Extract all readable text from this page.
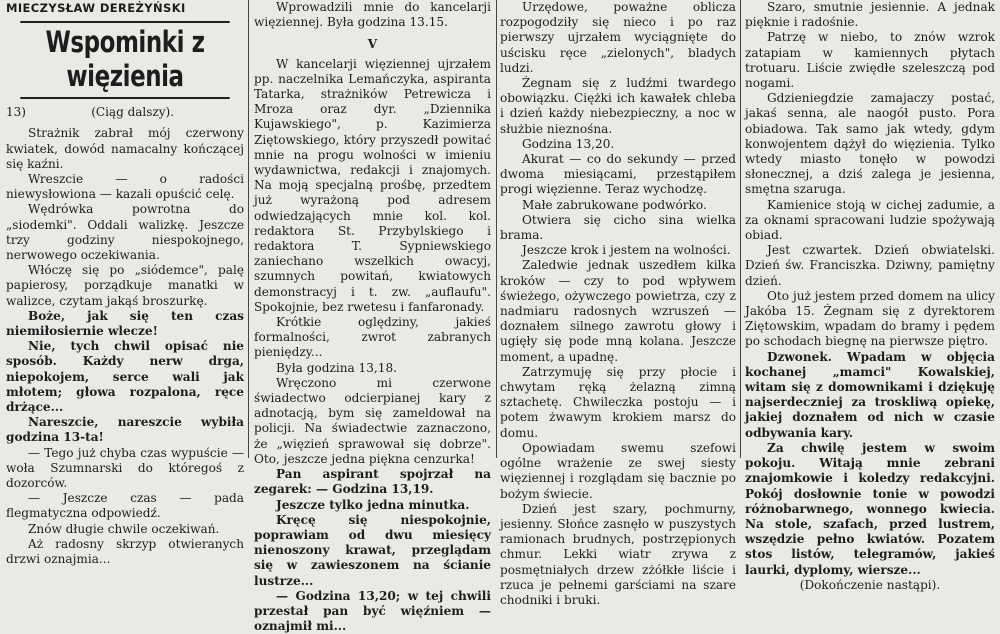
MIECZYSŁAW DEREŻYŃSKI
Wspominki z więzienia
13)	(Ciąg dalszy).

Strażnik zabrał mój czerwony kwiatek, dowód namacalny kończącej się kaźni.

Wreszcie — o radości niewysłowiona — kazali opuścić celę.

Wędrówka powrotna do „siodemki". Oddali walizkę. Jeszcze trzy godziny niespokojnego, nerwowego oczekiwania.

Włóczę się po „siódemce", palę papierosy, porządkuje manatki w walizce, czytam jakąś broszurkę.

Boże, jak się ten czas niemiłosiernie wlecze!

Nie, tych chwil opisać nie sposób. Każdy nerw drga, niepokojem, serce wali jak młotem; głowa rozpalona, ręce drżące...

Nareszcie, nareszcie wybiła godzina 13-ta!

— Tego już chyba czas wypuście — woła Szumnarski do któregoś z dozorców.

— Jeszcze czas — pada flegmatyczna odpowiedź.

Znów długie chwile oczekiwań.

Aż radosny skrzyp otwieranych drzwi oznajmia...

Wprowadzili mnie do kancelarji więziennej. Była godzina 13.15.

V

W kancelarji więziennej ujrzałem pp. naczelnika Lemańczyka, aspiranta Tatarka, strażników Petrewicza i Mroza oraz dyr. „Dziennika Kujawskiego", p. Kazimierza Ziętowskiego, który przyszedł powitać mnie na progu wolności w imieniu wydawnictwa, redakcji i znajomych. Na moją specjalną prośbę, przedtem już wyrażoną pod adresem odwiedzających mnie kol. kol. redaktora St. Przybylskiego i redaktora T. Sypniewskiego zaniechano wszelkich owacyj, szumnych powitań, kwiatowych demonstracyj i t. zw. „auflaufu". Spokojnie, bez rwetesu i fanfaronady.

Krótkie oględziny, jakieś formalności, zwrot zabranych pieniędzy...

Była godzina 13,18.

Wręczono mi czerwone świadectwo odcierpianej kary z adnotacją, bym się zameldował na policji. Na świadectwie zaznaczono, że „więzień sprawował się dobrze". Oto, jeszcze jedna piękna cenzurka!

Pan aspirant spojrzał na zegarek: — Godzina 13,19.

Jeszcze tylko jedna minutka.

Kręcę się niespokojnie, poprawiam od dwu miesięcy nienoszony krawat, przeglądam się w zawieszonem na ścianie lustrze...

— Godzina 13,20; w tej chwili przestał pan być więźniem — oznajmił mi...

Urzędowe, poważne oblicza rozpogodziły się nieco i po raz pierwszy ujrzałem wyciągnięte do uścisku ręce „zielonych", bladych ludzi.

Żegnam się z ludźmi twardego obowiązku. Ciężki ich kawałek chleba i dzień każdy niebezpieczny, a noc w służbie nieznośna.

Godzina 13,20.

Akurat — co do sekundy — przed dwoma miesiącami, przestąpiłem progi więzienne. Teraz wychodzę.

Małe zabrukowane podwórko.

Otwiera się cicho sina wielka brama.

Jeszcze krok i jestem na wolności.

Zaledwie jednak uszedłem kilka kroków — czy to pod wpływem świeżego, ożywczego powietrza, czy z nadmiaru radosnych wzruszeń — doznałem silnego zawrotu głowy i ugięły się pode mną kolana. Jeszcze moment, a upadnę.

Zatrzymuję się przy płocie i chwytam ręką żelazną zimną sztachetę. Chwileczka postoju — i potem żwawym krokiem marsz do domu.

Opowiadam swemu szefowi ogólne wrażenie ze swej siesty więziennej i rozglądam się bacznie po bożym świecie.

Dzień jest szary, pochmurny, jesienny. Słońce zasnęło w puszystych ramionach brudnych, postrzępionych chmur. Lekki wiatr zrywa z posmętniałych drzew zżółkłe liście i rzuca je pełnemi garściami na szare chodniki i bruki.

Szaro, smutnie jesiennie. A jednak pięknie i radośnie.

Patrzę w niebo, to znów wzrok zatapiam w kamiennych płytach trotuaru. Liście zwiędłe szeleszczą pod nogami.

Gdzieniegdzie zamajaczy postać, jakaś senna, ale naogół pusto. Pora obiadowa. Tak samo jak wtedy, gdym konwojentem dążył do więzienia. Tylko wtedy miasto tonęło w powodzi słonecznej, a dziś zalega je jesienna, smętna szaruga.

Kamienice stoją w cichej zadumie, a za oknami spracowani ludzie spożywają obiad.

Jest czwartek. Dzień obwiatelski. Dzień św. Franciszka. Dziwny, pamiętny dzień.

Oto już jestem przed domem na ulicy Jakóba 15. Żegnam się z dyrektorem Ziętowskim, wpadam do bramy i pędem po schodach biegnę na pierwsze piętro.

Dzwonek. Wpadam w objęcia kochanej „mamci" Kowalskiej, witam się z domownikami i dziękuję najserdeczniej za troskliwą opiekę, jakiej doznałem od nich w czasie odbywania kary.

Za chwilę jestem w swoim pokoju. Witają mnie zebrani znajomkowie i koledzy redakcyjni. Pokój dosłownie tonie w powodzi różnobarwnego, wonnego kwiecia. Na stole, szafach, przed lustrem, wszędzie pełno kwiatów. Pozatem stos listów, telegramów, jakieś laurki, dyplomy, wiersze...

(Dokończenie nastąpi).
